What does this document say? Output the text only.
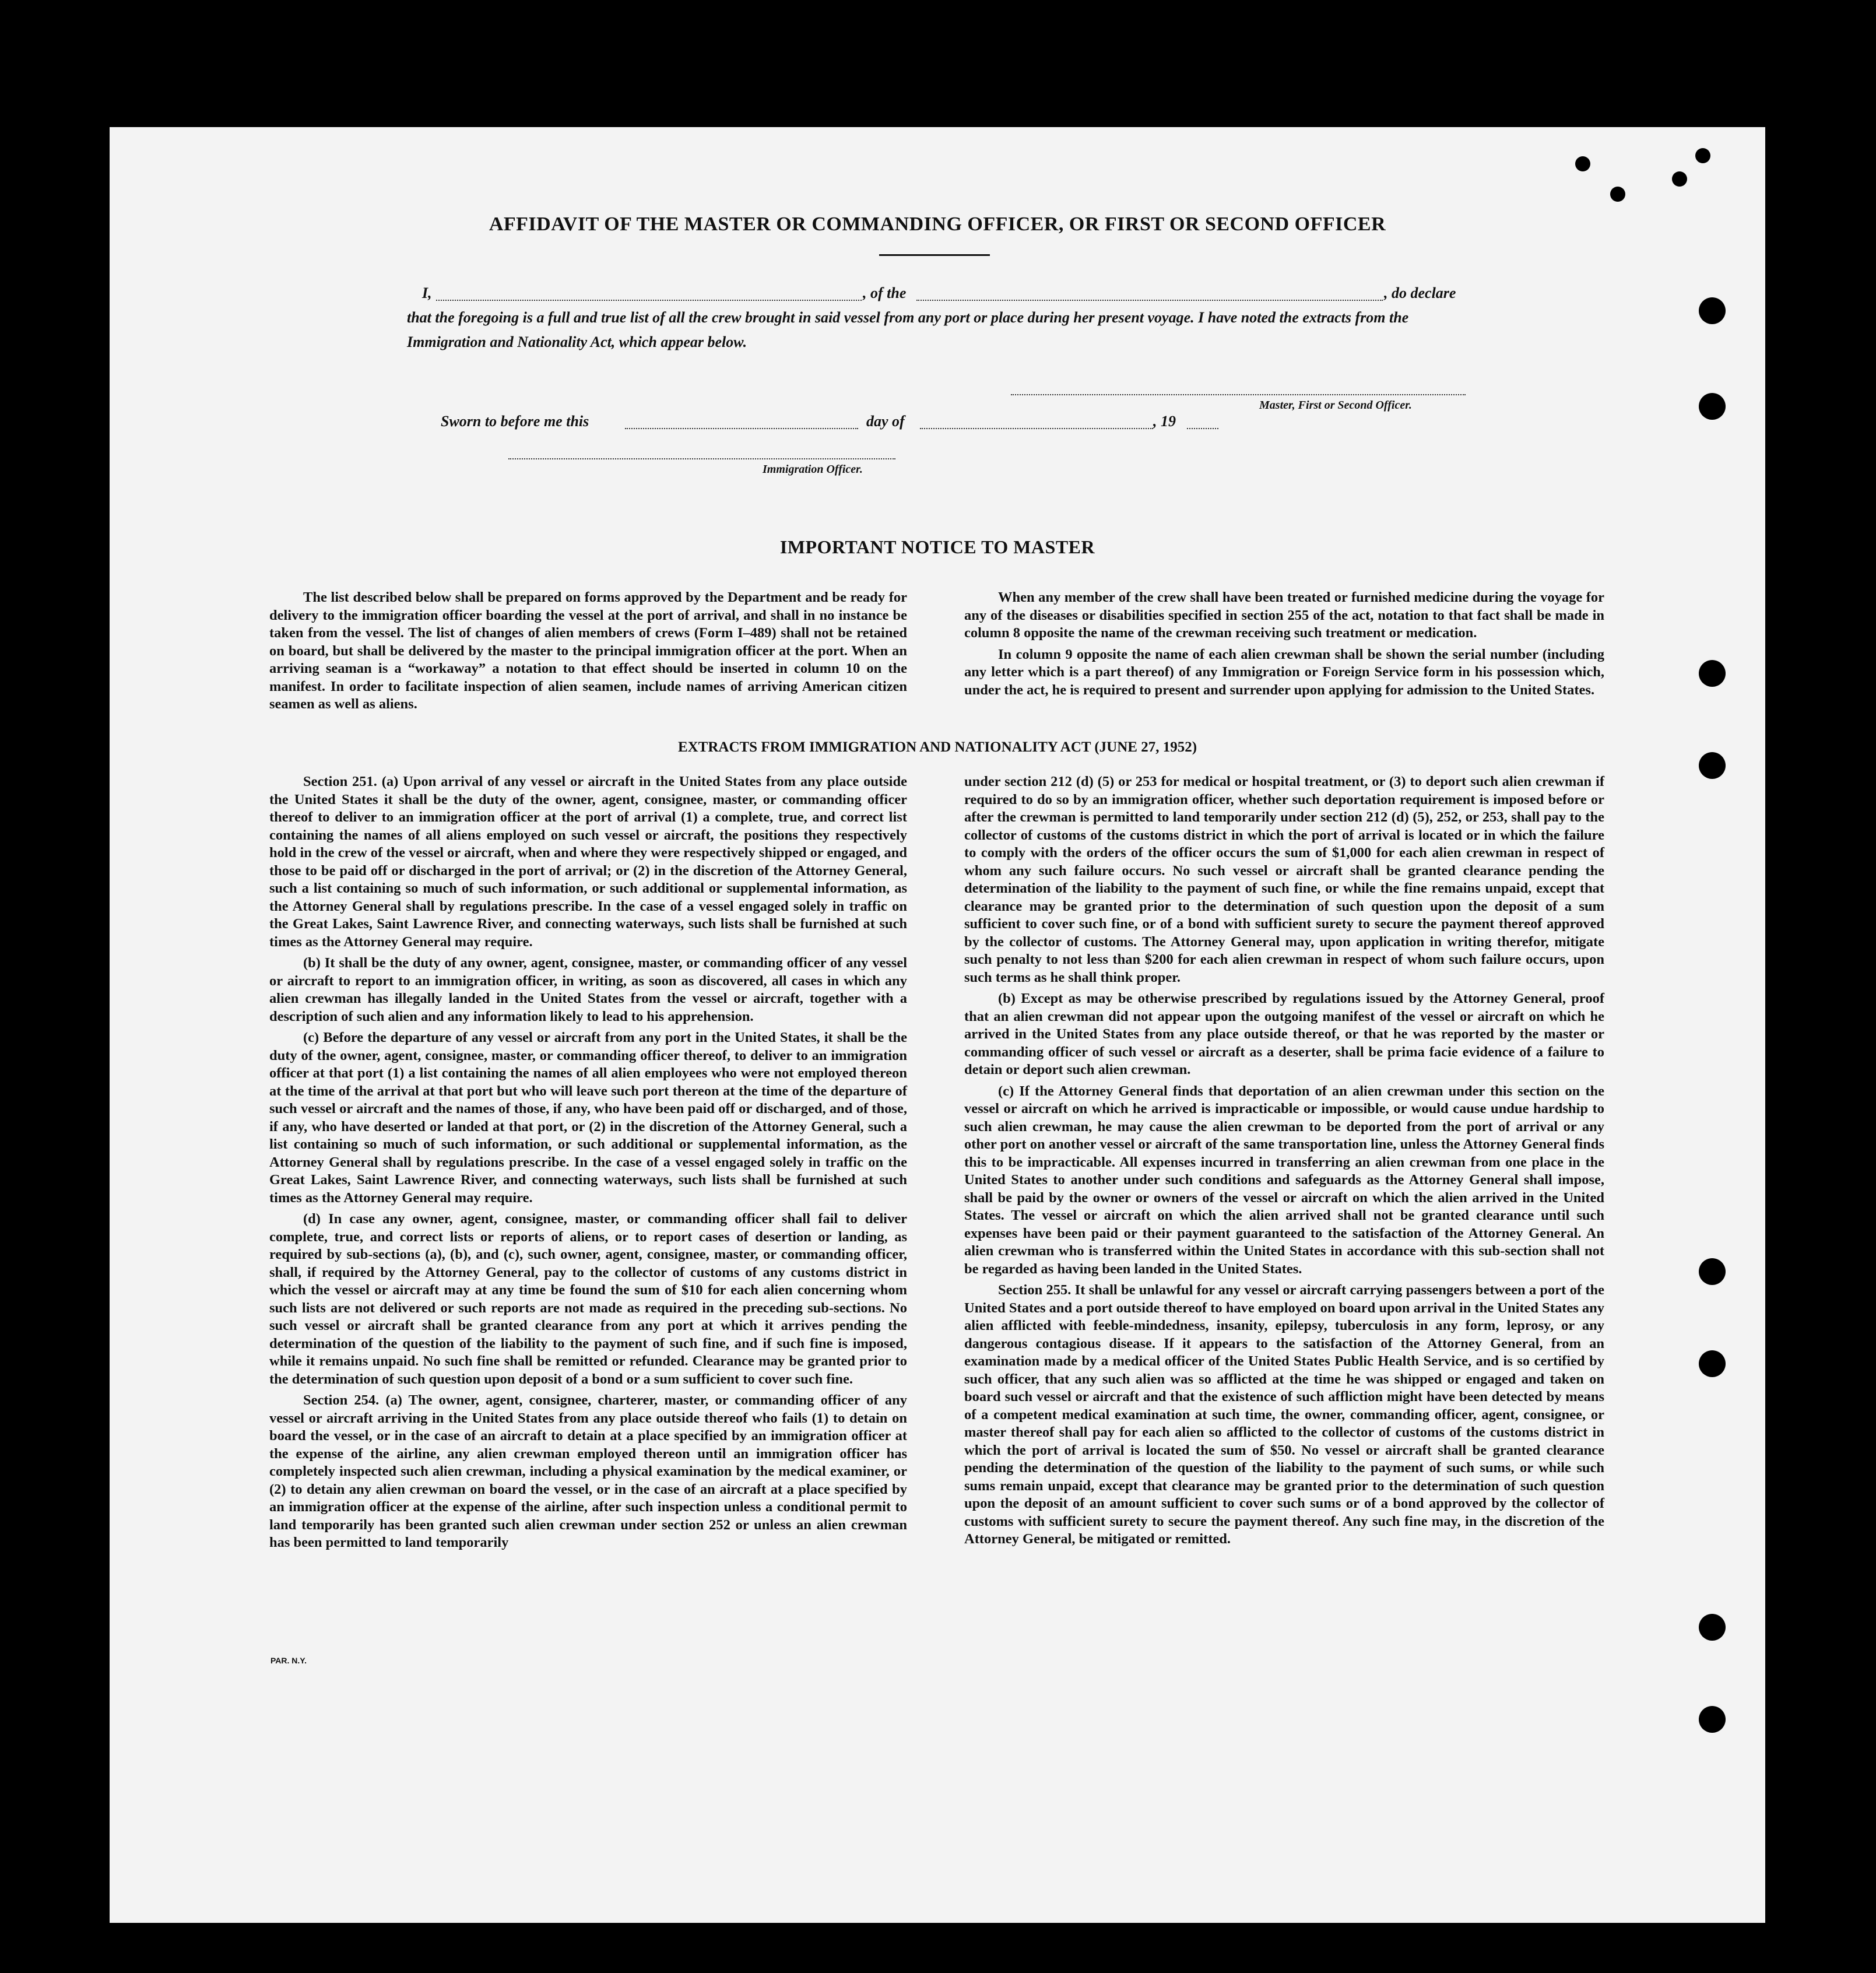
AFFIDAVIT OF THE MASTER OR COMMANDING OFFICER, OR FIRST OR SECOND OFFICER
I,	, of the	, do declare
that the foregoing is a full and true list of all the crew brought in said vessel from any port or place during her present voyage. I have noted the extracts from the Immigration and Nationality Act, which appear below.
Master, First or Second Officer.
Sworn to before me this	day of	, 19
Immigration Officer.
IMPORTANT NOTICE TO MASTER

The list described below shall be prepared on forms approved by the Department and be ready for delivery to the immigration officer boarding the vessel at the port of arrival, and shall in no instance be taken from the vessel. The list of changes of alien members of crews (Form I–489) shall not be retained on board, but shall be delivered by the master to the principal immigration officer at the port. When an arriving seaman is a “workaway” a notation to that effect should be inserted in column 10 on the manifest. In order to facilitate inspection of alien seamen, include names of arriving American citizen seamen as well as aliens.

When any member of the crew shall have been treated or furnished medicine during the voyage for any of the diseases or disabilities specified in section 255 of the act, notation to that fact shall be made in column 8 opposite the name of the crewman receiving such treatment or medication.

In column 9 opposite the name of each alien crewman shall be shown the serial number (including any letter which is a part thereof) of any Immigration or Foreign Service form in his possession which, under the act, he is required to present and surrender upon applying for admission to the United States.

EXTRACTS FROM IMMIGRATION AND NATIONALITY ACT (JUNE 27, 1952)

Section 251. (a) Upon arrival of any vessel or aircraft in the United States from any place outside the United States it shall be the duty of the owner, agent, consignee, master, or commanding officer thereof to deliver to an immigration officer at the port of arrival (1) a complete, true, and correct list containing the names of all aliens employed on such vessel or aircraft, the positions they respectively hold in the crew of the vessel or aircraft, when and where they were respectively shipped or engaged, and those to be paid off or discharged in the port of arrival; or (2) in the discretion of the Attorney General, such a list containing so much of such information, or such additional or supplemental information, as the Attorney General shall by regulations prescribe. In the case of a vessel engaged solely in traffic on the Great Lakes, Saint Lawrence River, and connecting waterways, such lists shall be furnished at such times as the Attorney General may require.

(b) It shall be the duty of any owner, agent, consignee, master, or commanding officer of any vessel or aircraft to report to an immigration officer, in writing, as soon as discovered, all cases in which any alien crewman has illegally landed in the United States from the vessel or aircraft, together with a description of such alien and any information likely to lead to his apprehension.

(c) Before the departure of any vessel or aircraft from any port in the United States, it shall be the duty of the owner, agent, consignee, master, or commanding officer thereof, to deliver to an immigration officer at that port (1) a list containing the names of all alien employees who were not employed thereon at the time of the arrival at that port but who will leave such port thereon at the time of the departure of such vessel or aircraft and the names of those, if any, who have been paid off or discharged, and of those, if any, who have deserted or landed at that port, or (2) in the discretion of the Attorney General, such a list containing so much of such information, or such additional or supplemental information, as the Attorney General shall by regulations prescribe. In the case of a vessel engaged solely in traffic on the Great Lakes, Saint Lawrence River, and connecting waterways, such lists shall be furnished at such times as the Attorney General may require.

(d) In case any owner, agent, consignee, master, or commanding officer shall fail to deliver complete, true, and correct lists or reports of aliens, or to report cases of desertion or landing, as required by sub-sections (a), (b), and (c), such owner, agent, consignee, master, or commanding officer, shall, if required by the Attorney General, pay to the collector of customs of any customs district in which the vessel or aircraft may at any time be found the sum of $10 for each alien concerning whom such lists are not delivered or such reports are not made as required in the preceding sub-sections. No such vessel or aircraft shall be granted clearance from any port at which it arrives pending the determination of the question of the liability to the payment of such fine, and if such fine is imposed, while it remains unpaid. No such fine shall be remitted or refunded. Clearance may be granted prior to the determination of such question upon deposit of a bond or a sum sufficient to cover such fine.

Section 254. (a) The owner, agent, consignee, charterer, master, or commanding officer of any vessel or aircraft arriving in the United States from any place outside thereof who fails (1) to detain on board the vessel, or in the case of an aircraft to detain at a place specified by an immigration officer at the expense of the airline, any alien crewman employed thereon until an immigration officer has completely inspected such alien crewman, including a physical examination by the medical examiner, or (2) to detain any alien crewman on board the vessel, or in the case of an aircraft at a place specified by an immigration officer at the expense of the airline, after such inspection unless a conditional permit to land temporarily has been granted such alien crewman under section 252 or unless an alien crewman has been permitted to land temporarily

under section 212 (d) (5) or 253 for medical or hospital treatment, or (3) to deport such alien crewman if required to do so by an immigration officer, whether such deportation requirement is imposed before or after the crewman is permitted to land temporarily under section 212 (d) (5), 252, or 253, shall pay to the collector of customs of the customs district in which the port of arrival is located or in which the failure to comply with the orders of the officer occurs the sum of $1,000 for each alien crewman in respect of whom any such failure occurs. No such vessel or aircraft shall be granted clearance pending the determination of the liability to the payment of such fine, or while the fine remains unpaid, except that clearance may be granted prior to the determination of such question upon the deposit of a sum sufficient to cover such fine, or of a bond with sufficient surety to secure the payment thereof approved by the collector of customs. The Attorney General may, upon application in writing therefor, mitigate such penalty to not less than $200 for each alien crewman in respect of whom such failure occurs, upon such terms as he shall think proper.

(b) Except as may be otherwise prescribed by regulations issued by the Attorney General, proof that an alien crewman did not appear upon the outgoing manifest of the vessel or aircraft on which he arrived in the United States from any place outside thereof, or that he was reported by the master or commanding officer of such vessel or aircraft as a deserter, shall be prima facie evidence of a failure to detain or deport such alien crewman.

(c) If the Attorney General finds that deportation of an alien crewman under this section on the vessel or aircraft on which he arrived is impracticable or impossible, or would cause undue hardship to such alien crewman, he may cause the alien crewman to be deported from the port of arrival or any other port on another vessel or aircraft of the same transportation line, unless the Attorney General finds this to be impracticable. All expenses incurred in transferring an alien crewman from one place in the United States to another under such conditions and safeguards as the Attorney General shall impose, shall be paid by the owner or owners of the vessel or aircraft on which the alien arrived in the United States. The vessel or aircraft on which the alien arrived shall not be granted clearance until such expenses have been paid or their payment guaranteed to the satisfaction of the Attorney General. An alien crewman who is transferred within the United States in accordance with this sub-section shall not be regarded as having been landed in the United States.

Section 255. It shall be unlawful for any vessel or aircraft carrying passengers between a port of the United States and a port outside thereof to have employed on board upon arrival in the United States any alien afflicted with feeble-mindedness, insanity, epilepsy, tuberculosis in any form, leprosy, or any dangerous contagious disease. If it appears to the satisfaction of the Attorney General, from an examination made by a medical officer of the United States Public Health Service, and is so certified by such officer, that any such alien was so afflicted at the time he was shipped or engaged and taken on board such vessel or aircraft and that the existence of such affliction might have been detected by means of a competent medical examination at such time, the owner, commanding officer, agent, consignee, or master thereof shall pay for each alien so afflicted to the collector of customs of the customs district in which the port of arrival is located the sum of $50. No vessel or aircraft shall be granted clearance pending the determination of the question of the liability to the payment of such sums, or while such sums remain unpaid, except that clearance may be granted prior to the determination of such question upon the deposit of an amount sufficient to cover such sums or of a bond approved by the collector of customs with sufficient surety to secure the payment thereof. Any such fine may, in the discretion of the Attorney General, be mitigated or remitted.

PAR. N.Y.
